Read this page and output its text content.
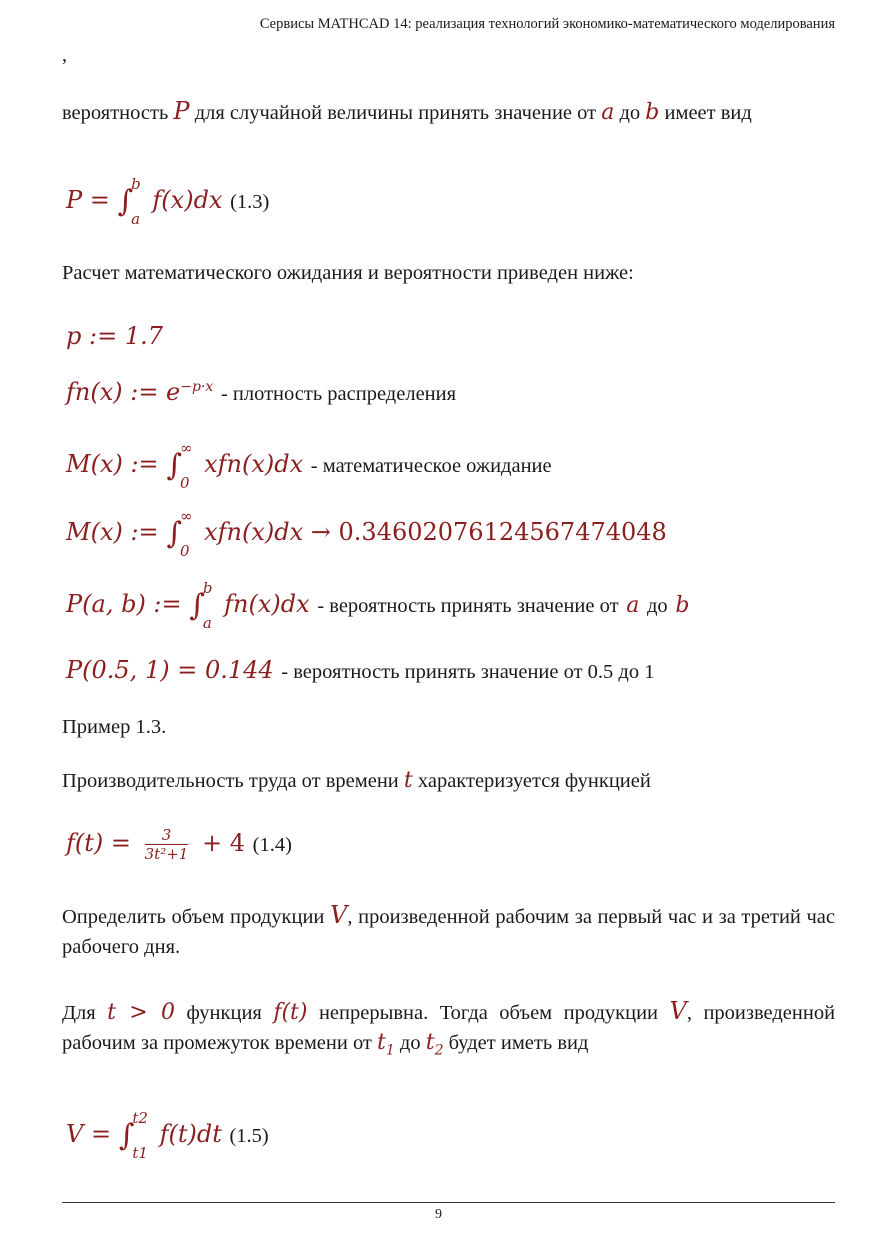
Сервисы MATHCAD 14: реализация технологий экономико-математического моделирования
,
вероятность P для случайной величины принять значение от a до b имеет вид
P = ∫
b
a
f(x)dx (1.3)
Расчет математического ожидания и вероятности приведен ниже:
p := 1.7
fn(x) := $e^{-p\cdot x}$ - плотность распределения
M(x) := ∫
∞
0
xfn(x)dx - математическое ожидание
M(x) := ∫
∞
0
xfn(x)dx → 0.34602076124567474048
P(a, b) := ∫
b
a
fn(x)dx - вероятность принять значение от a до b
P(0.5, 1) = 0.144 - вероятность принять значение от 0.5 до 1
Пример 1.3.
Производительность труда от времени t характеризуется функцией
$f(t) = \frac{3}{\text{3t²+1}} + 4$ (1.4)
Определить объем продукции V, произведенной рабочим за первый час и за третий час рабочего дня.
Для t > 0 функция f(t) непрерывна. Тогда объем продукции V, произведенной рабочим за промежуток времени от $t_1$ до $t_2$ будет иметь вид
V = ∫
t2
t1
f(t)dt (1.5)
9
